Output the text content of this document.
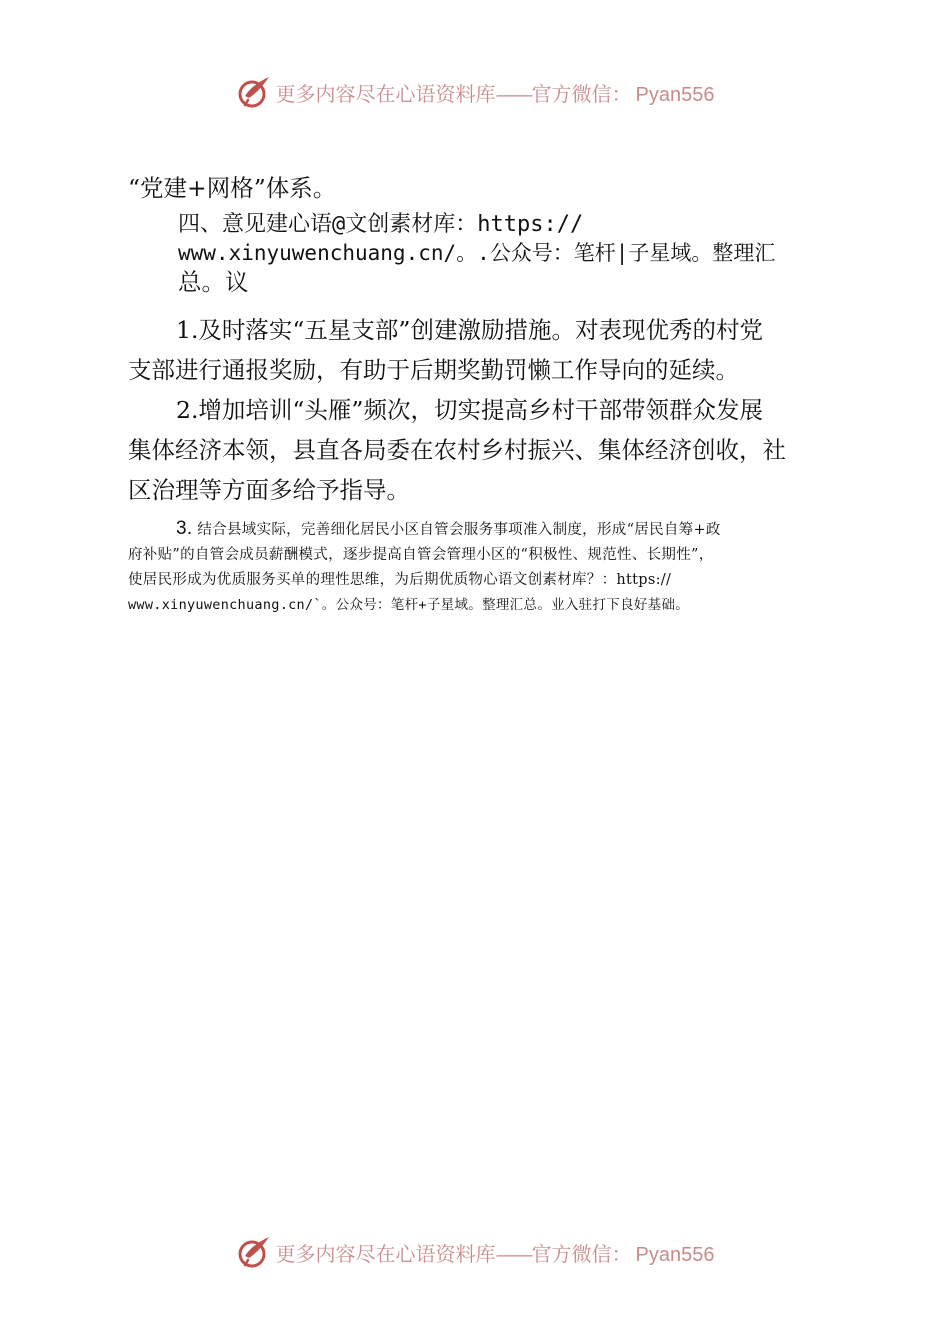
更多内容尽在心语资料库——官方微信： Pyan556

“党建+网格”体系。

四、意见建心语@文创素材库：https://
www.xinyuwenchuang.cn/。.公众号：笔杆|子星域。整理汇
总。议

1.及时落实“五星支部”创建激励措施。对表现优秀的村党
支部进行通报奖励，有助于后期奖勤罚懒工作导向的延续。

2.增加培训“头雁”频次，切实提高乡村干部带领群众发展
集体经济本领，县直各局委在农村乡村振兴、集体经济创收，社
区治理等方面多给予指导。

3. 结合县域实际，完善细化居民小区自管会服务事项准入制度，形成“居民自筹+政
府补贴”的自管会成员薪酬模式，逐步提高自管会管理小区的“积极性、规范性、长期性”，
使居民形成为优质服务买单的理性思维，为后期优质物心语文创素材库？：https://
www.xinyuwenchuang.cn/`。公众号：笔杆+子星域。整理汇总。业入驻打下良好基础。

更多内容尽在心语资料库——官方微信： Pyan556
